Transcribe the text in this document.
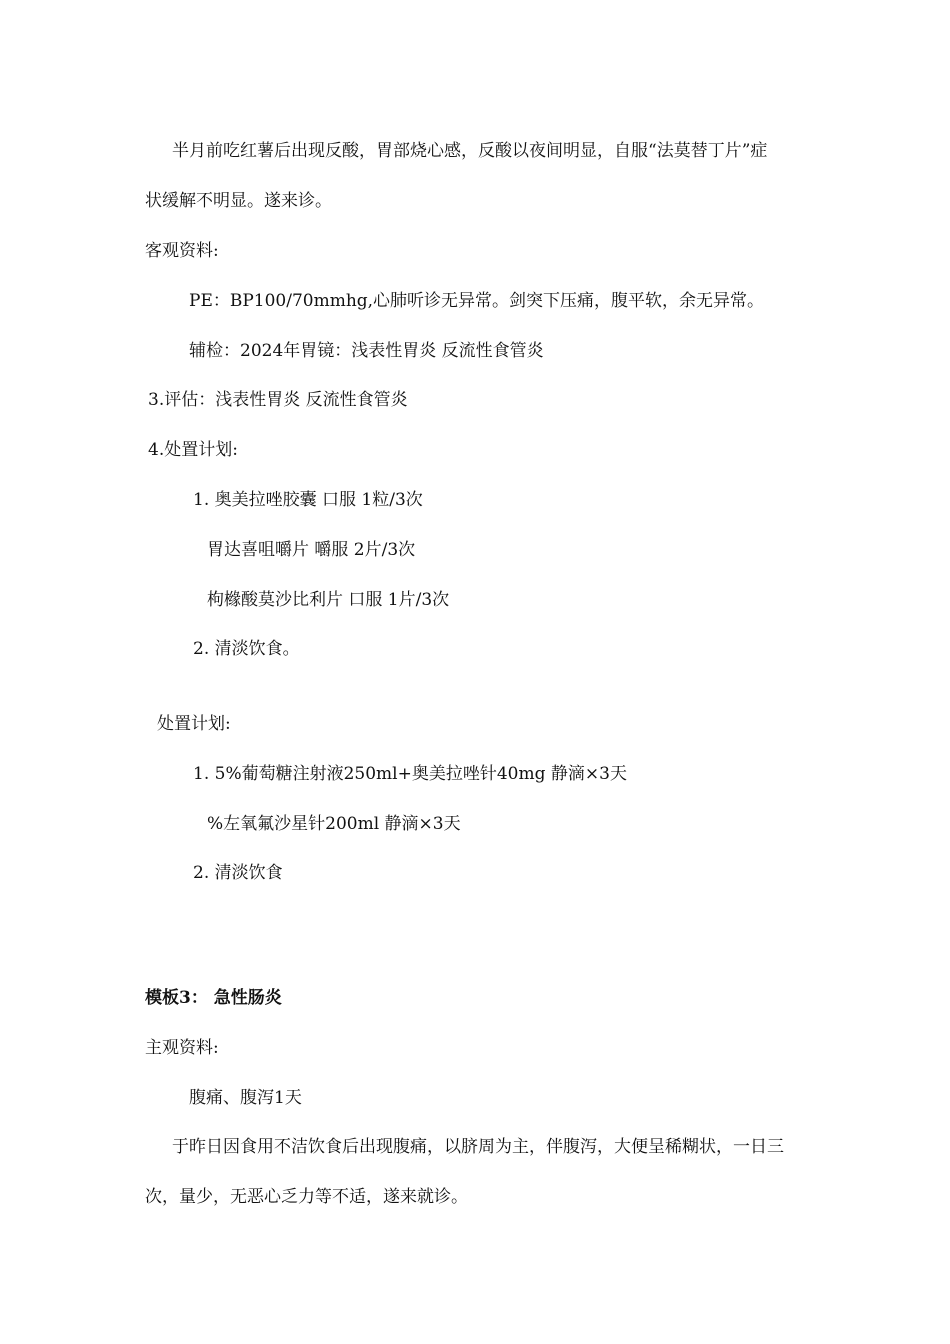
半月前吃红薯后出现反酸，胃部烧心感，反酸以夜间明显，自服“法莫替丁片”症
状缓解不明显。遂来诊。
客观资料:
PE：BP100/70mmhg,心肺听诊无异常。剑突下压痛，腹平软，余无异常。
辅检：2024年胃镜：浅表性胃炎 反流性食管炎
3.评估：浅表性胃炎 反流性食管炎
4.处置计划:
1. 奥美拉唑胶囊 口服 1粒/3次
胃达喜咀嚼片 嚼服 2片/3次
枸橼酸莫沙比利片 口服 1片/3次
2. 清淡饮食。
处置计划:
1. 5%葡萄糖注射液250ml+奥美拉唑针40mg 静滴×3天
%左氧氟沙星针200ml 静滴×3天
2. 清淡饮食
模板3： 急性肠炎
主观资料:
腹痛、腹泻1天
于昨日因食用不洁饮食后出现腹痛，以脐周为主，伴腹泻，大便呈稀糊状，一日三
次，量少，无恶心乏力等不适，遂来就诊。
